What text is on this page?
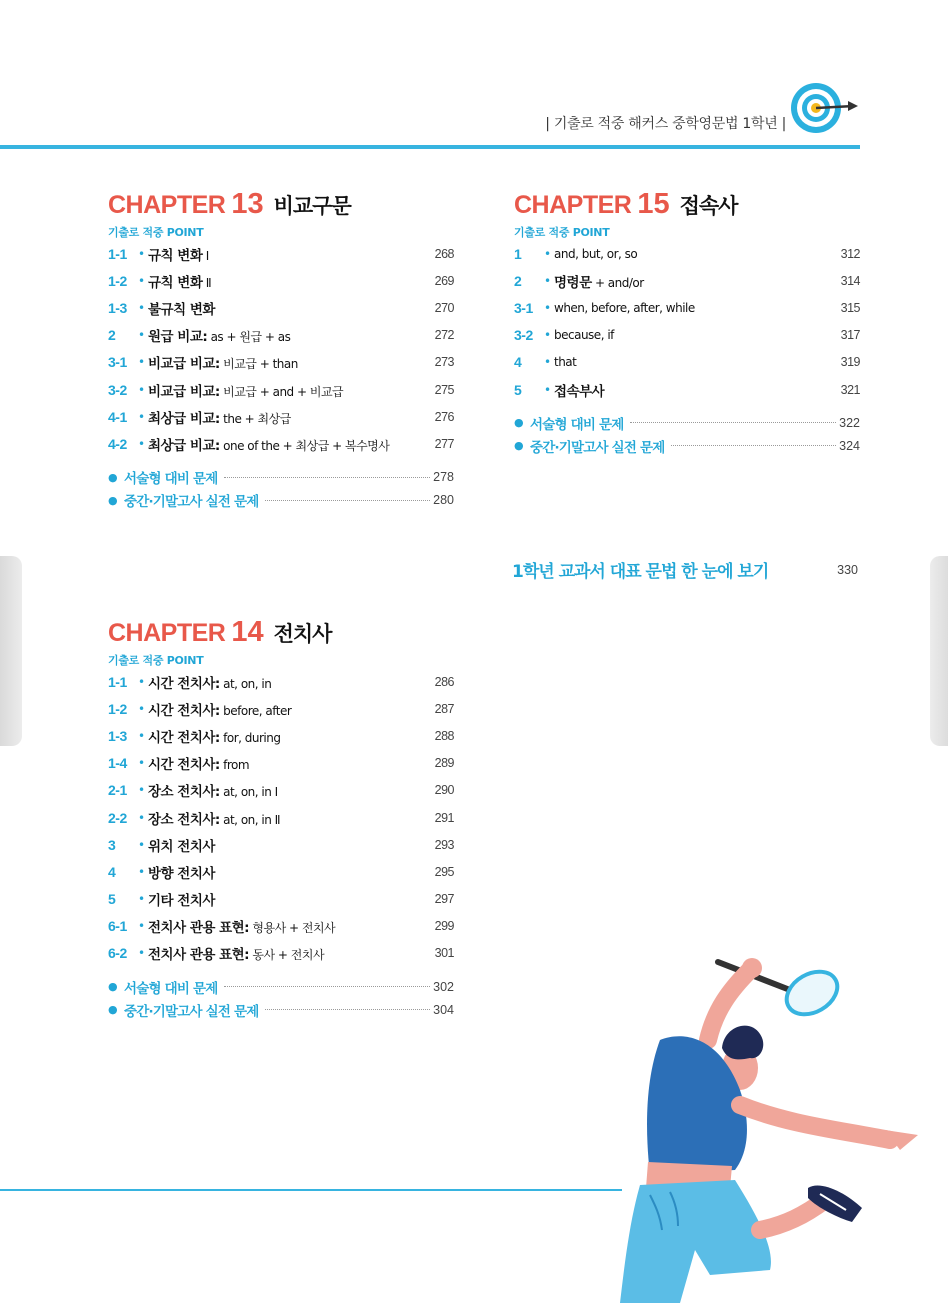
| 기출로 적중 해커스 중학영문법 1학년 |
CHAPTER 13 비교구문
기출로 적중 POINT
1-1 • 규칙 변화 Ⅰ	268
1-2 • 규칙 변화 Ⅱ	269
1-3 • 불규칙 변화	270
2	• 원급 비교: as + 원급 + as	272
3-1 • 비교급 비교: 비교급 + than	273
3-2 • 비교급 비교: 비교급 + and + 비교급	275
4-1 • 최상급 비교: the + 최상급	276
4-2 • 최상급 비교: one of the + 최상급 + 복수명사	277
● 서술형 대비 문제	278
● 중간·기말고사 실전 문제	280
CHAPTER 14 전치사
기출로 적중 POINT
1-1 • 시간 전치사: at, on, in	286
1-2 • 시간 전치사: before, after	287
1-3 • 시간 전치사: for, during	288
1-4 • 시간 전치사: from	289
2-1 • 장소 전치사: at, on, in Ⅰ	290
2-2 • 장소 전치사: at, on, in Ⅱ	291
3	• 위치 전치사	293
4	• 방향 전치사	295
5	• 기타 전치사	297
6-1 • 전치사 관용 표현: 형용사 + 전치사	299
6-2 • 전치사 관용 표현: 동사 + 전치사	301
● 서술형 대비 문제	302
● 중간·기말고사 실전 문제	304
CHAPTER 15 접속사
기출로 적중 POINT
1	• and, but, or, so	312
2	• 명령문 + and/or	314
3-1 • when, before, after, while	315
3-2 • because, if	317
4	• that	319
5	• 접속부사	321
● 서술형 대비 문제	322
● 중간·기말고사 실전 문제	324
1학년 교과서 대표 문법 한 눈에 보기	330
